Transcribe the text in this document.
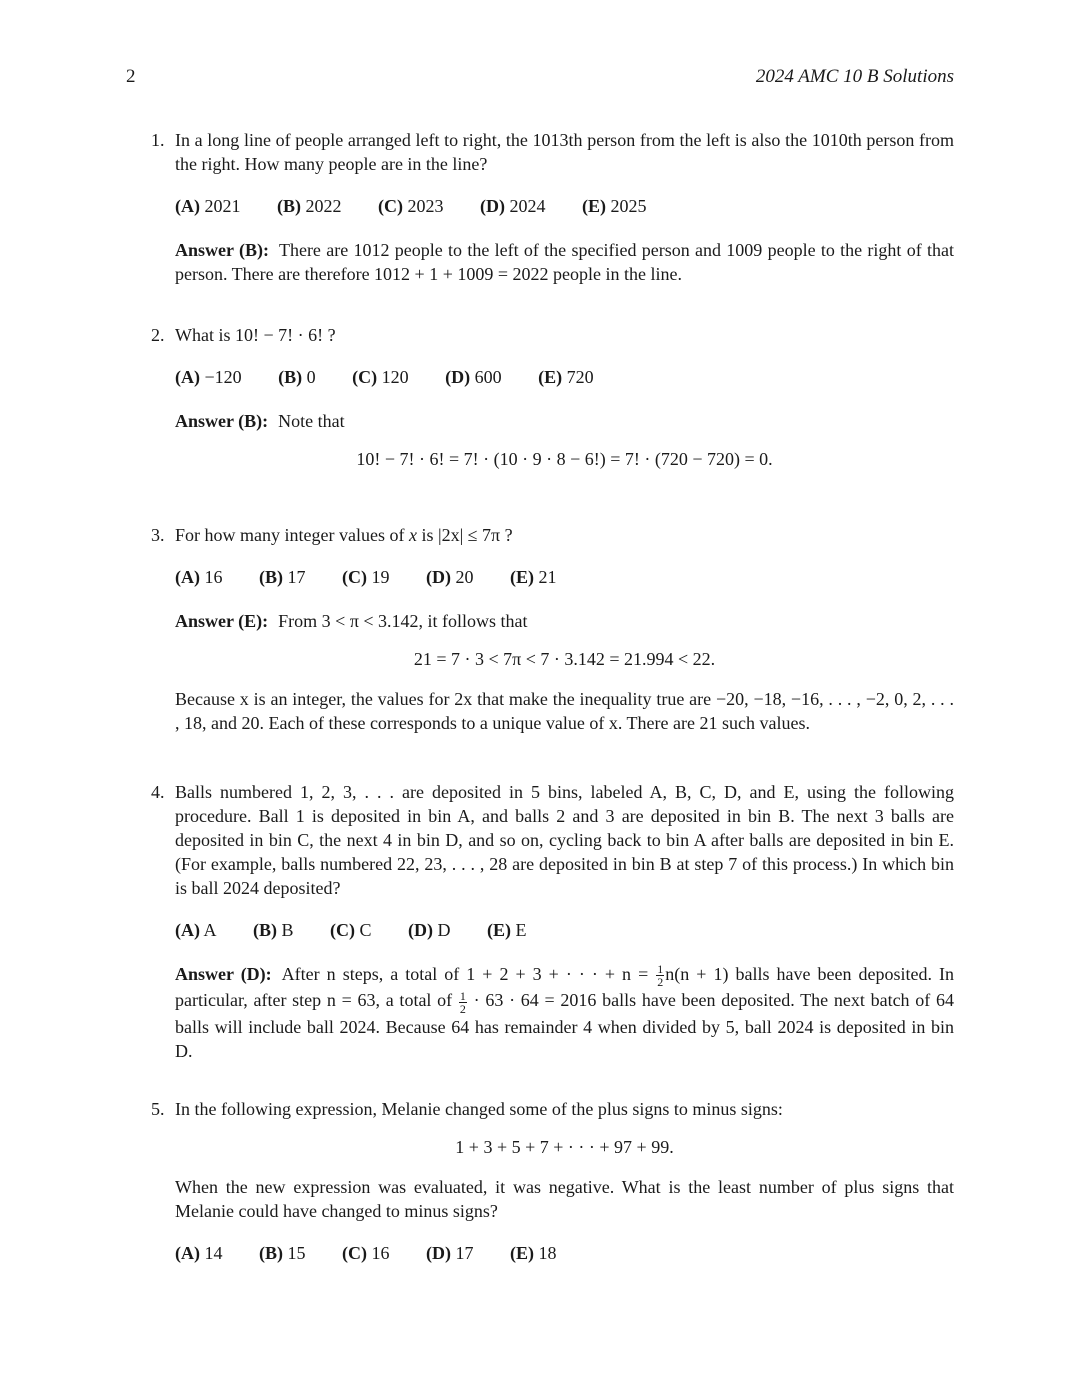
2	2024 AMC 10 B Solutions
1. In a long line of people arranged left to right, the 1013th person from the left is also the 1010th person from the right. How many people are in the line?
(A) 2021 (B) 2022 (C) 2023 (D) 2024 (E) 2025
Answer (B): There are 1012 people to the left of the specified person and 1009 people to the right of that person. There are therefore 1012 + 1 + 1009 = 2022 people in the line.
2. What is 10! − 7! · 6! ?
(A) −120 (B) 0 (C) 120 (D) 600 (E) 720
Answer (B): Note that
10! − 7! · 6! = 7! · (10 · 9 · 8 − 6!) = 7! · (720 − 720) = 0.
3. For how many integer values of x is |2x| ≤ 7π ?
(A) 16 (B) 17 (C) 19 (D) 20 (E) 21
Answer (E): From 3 < π < 3.142, it follows that
21 = 7 · 3 < 7π < 7 · 3.142 = 21.994 < 22.
Because x is an integer, the values for 2x that make the inequality true are −20, −18, −16, . . . , −2, 0, 2, . . . , 18, and 20. Each of these corresponds to a unique value of x. There are 21 such values.
4. Balls numbered 1, 2, 3, . . . are deposited in 5 bins, labeled A, B, C, D, and E, using the following procedure. Ball 1 is deposited in bin A, and balls 2 and 3 are deposited in bin B. The next 3 balls are deposited in bin C, the next 4 in bin D, and so on, cycling back to bin A after balls are deposited in bin E. (For example, balls numbered 22, 23, . . . , 28 are deposited in bin B at step 7 of this process.) In which bin is ball 2024 deposited?
(A) A (B) B (C) C (D) D (E) E
Answer (D): After n steps, a total of 1 + 2 + 3 + · · · + $n = \frac{1}{2} n(n + 1)$ balls have been deposited. In particular, after step n = 63, a total of $\frac{1}{2} \cdot 63 \cdot 64 = 2016$ balls have been deposited. The next batch of 64 balls will include ball 2024. Because 64 has remainder 4 when divided by 5, ball 2024 is deposited in bin D.
5. In the following expression, Melanie changed some of the plus signs to minus signs:
1 + 3 + 5 + 7 + · · · + 97 + 99.
When the new expression was evaluated, it was negative. What is the least number of plus signs that Melanie could have changed to minus signs?
(A) 14 (B) 15 (C) 16 (D) 17 (E) 18
